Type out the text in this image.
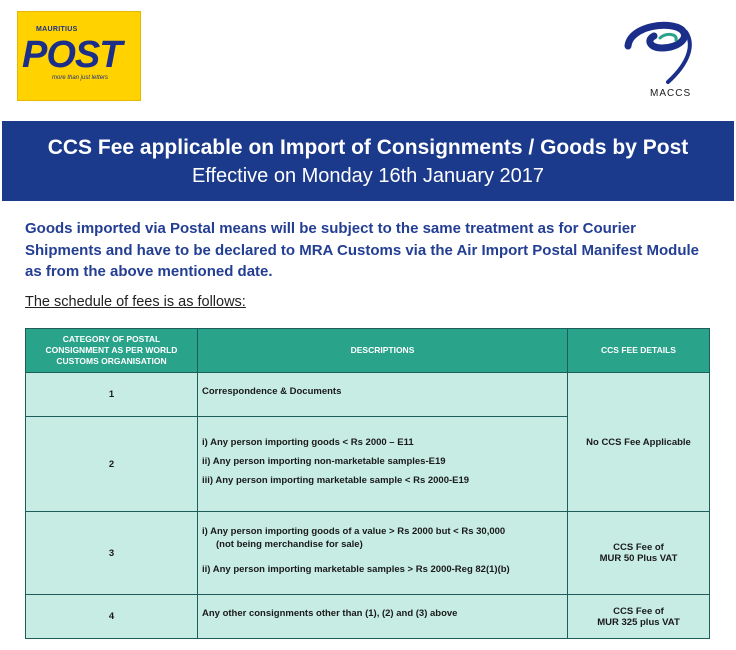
MAURITIUS
POST
more than just letters
MACCS
CCS Fee applicable on Import of Consignments / Goods by Post
Effective on Monday 16th January 2017
Goods imported via Postal means will be subject to the same treatment as for Courier Shipments and have to be declared to MRA Customs via the Air Import Postal Manifest Module as from the above mentioned date.
The schedule of fees is as follows:
CATEGORY OF POSTAL CONSIGNMENT AS PER WORLD CUSTOMS ORGANISATION	DESCRIPTIONS	CCS FEE DETAILS
1	Correspondence & Documents	No CCS Fee Applicable
2	i) Any person importing goods < Rs 2000 – E11
ii) Any person importing non-marketable samples-E19
iii) Any person importing marketable sample < Rs 2000-E19	

3	i) Any person importing goods of a value > Rs 2000 but < Rs 30,000
(not being merchandise for sale)
ii) Any person importing marketable samples > Rs 2000-Reg 82(1)(b)	CCS Fee of
MUR 50 Plus VAT

4	Any other consignments other than (1), (2) and (3) above	CCS Fee of
MUR 325 plus VAT
